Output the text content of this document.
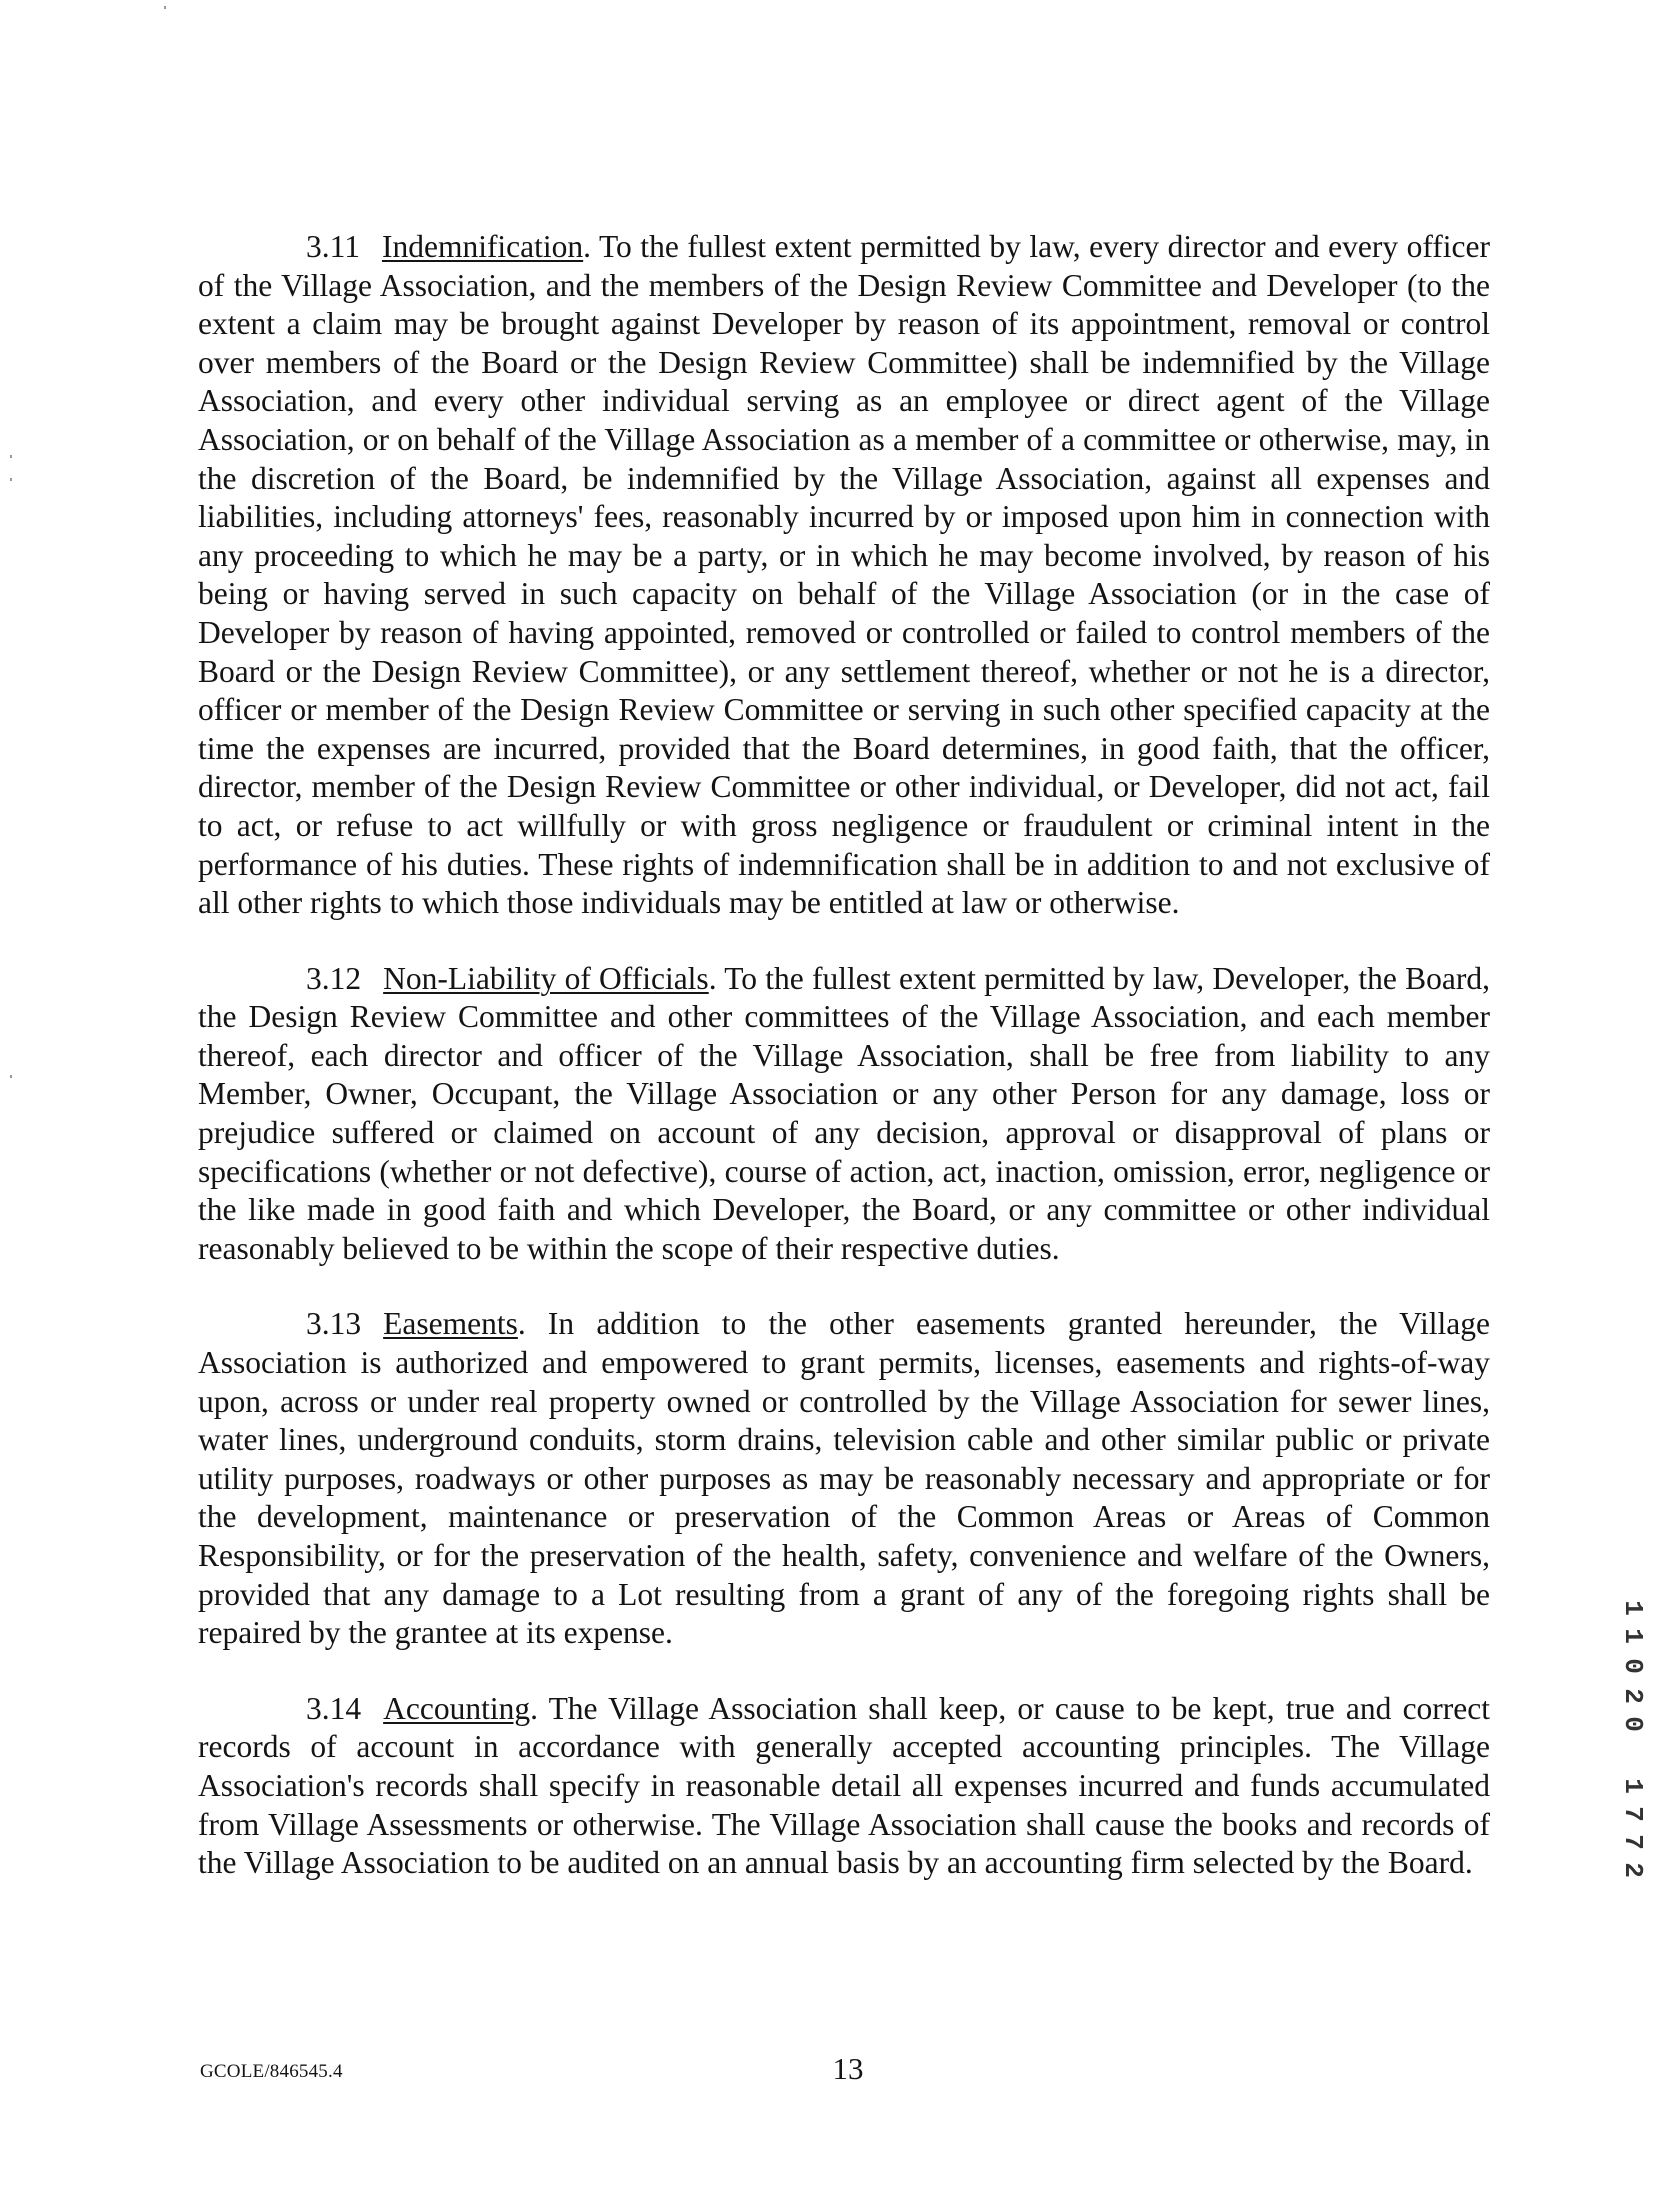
3.11 Indemnification. To the fullest extent permitted by law, every director and every officer of the Village Association, and the members of the Design Review Committee and Developer (to the extent a claim may be brought against Developer by reason of its appointment, removal or control over members of the Board or the Design Review Committee) shall be indemnified by the Village Association, and every other individual serving as an employee or direct agent of the Village Association, or on behalf of the Village Association as a member of a committee or otherwise, may, in the discretion of the Board, be indemnified by the Village Association, against all expenses and liabilities, including attorneys' fees, reasonably incurred by or imposed upon him in connection with any proceeding to which he may be a party, or in which he may become involved, by reason of his being or having served in such capacity on behalf of the Village Association (or in the case of Developer by reason of having appointed, removed or controlled or failed to control members of the Board or the Design Review Committee), or any settlement thereof, whether or not he is a director, officer or member of the Design Review Committee or serving in such other specified capacity at the time the expenses are incurred, provided that the Board determines, in good faith, that the officer, director, member of the Design Review Committee or other individual, or Developer, did not act, fail to act, or refuse to act willfully or with gross negligence or fraudulent or criminal intent in the performance of his duties. These rights of indemnification shall be in addition to and not exclusive of all other rights to which those individuals may be entitled at law or otherwise.

3.12 Non-Liability of Officials. To the fullest extent permitted by law, Developer, the Board, the Design Review Committee and other committees of the Village Association, and each member thereof, each director and officer of the Village Association, shall be free from liability to any Member, Owner, Occupant, the Village Association or any other Person for any damage, loss or prejudice suffered or claimed on account of any decision, approval or disapproval of plans or specifications (whether or not defective), course of action, act, inaction, omission, error, negligence or the like made in good faith and which Developer, the Board, or any committee or other individual reasonably believed to be within the scope of their respective duties.

3.13 Easements. In addition to the other easements granted hereunder, the Village Association is authorized and empowered to grant permits, licenses, easements and rights-of-way upon, across or under real property owned or controlled by the Village Association for sewer lines, water lines, underground conduits, storm drains, television cable and other similar public or private utility purposes, roadways or other purposes as may be reasonably necessary and appropriate or for the development, maintenance or preservation of the Common Areas or Areas of Common Responsibility, or for the preservation of the health, safety, convenience and welfare of the Owners, provided that any damage to a Lot resulting from a grant of any of the foregoing rights shall be repaired by the grantee at its expense.

3.14 Accounting. The Village Association shall keep, or cause to be kept, true and correct records of account in accordance with generally accepted accounting principles. The Village Association's records shall specify in reasonable detail all expenses incurred and funds accumulated from Village Assessments or otherwise. The Village Association shall cause the books and records of the Village Association to be audited on an annual basis by an accounting firm selected by the Board.

GCOLE/846545.4	13
1
1
0
2
0
1
7
7
2
